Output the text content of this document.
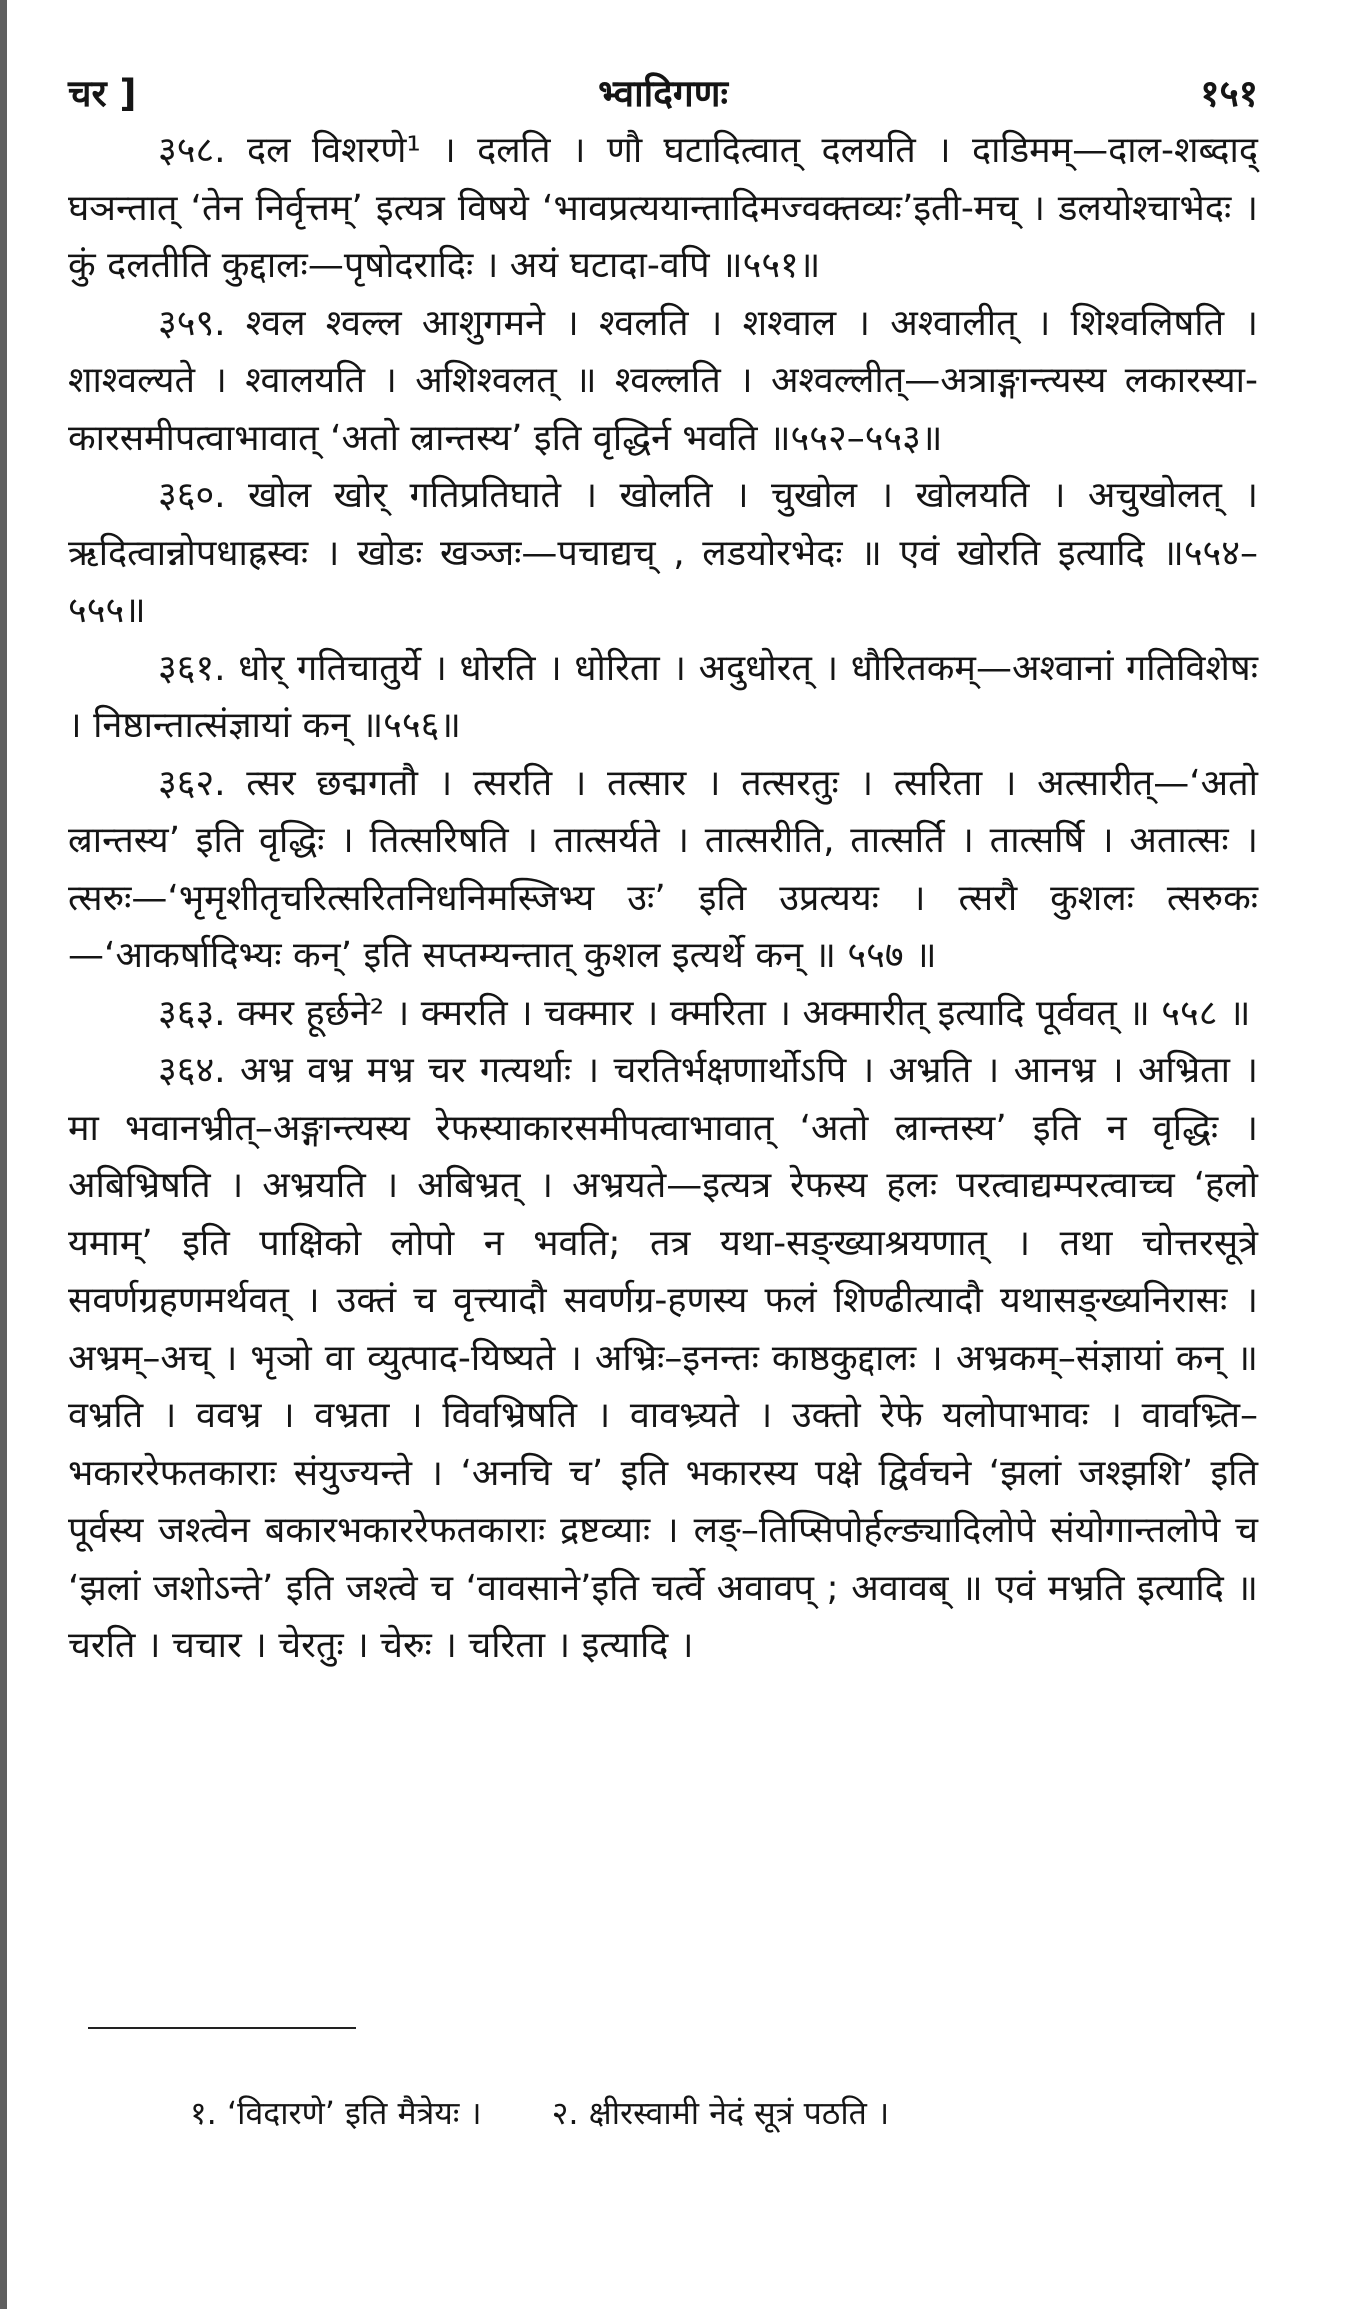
चर ]	भ्वादिगणः	१५१

३५८. दल विशरणे¹ । दलति । णौ घटादित्वात् दलयति । दाडिमम्—दाल-शब्दाद् घञन्तात् ‘तेन निर्वृत्तम्’ इत्यत्र विषये ‘भावप्रत्ययान्तादिमज्वक्तव्यः’इती-मच् । डलयोश्चाभेदः । कुं दलतीति कुद्दालः—पृषोदरादिः । अयं घटादा-वपि ॥५५१॥

३५९. श्वल श्वल्ल आशुगमने । श्वलति । शश्वाल । अश्वालीत् । शिश्वलिषति । शाश्वल्यते । श्वालयति । अशिश्वलत् ॥ श्वल्लति । अश्वल्लीत्—अत्राङ्गान्त्यस्य लकारस्या-कारसमीपत्वाभावात् ‘अतो ल्रान्तस्य’ इति वृद्धिर्न भवति ॥५५२–५५३॥

३६०. खोल खोर् गतिप्रतिघाते । खोलति । चुखोल । खोलयति । अचुखोलत् । ऋदित्वान्नोपधाह्रस्वः । खोडः खञ्जः—पचाद्यच् , लडयोरभेदः ॥ एवं खोरति इत्यादि ॥५५४–५५५॥

३६१. धोर् गतिचातुर्ये । धोरति । धोरिता । अदुधोरत् । धौरितकम्—अश्वानां गतिविशेषः । निष्ठान्तात्संज्ञायां कन् ॥५५६॥

३६२. त्सर छद्मगतौ । त्सरति । तत्सार । तत्सरतुः । त्सरिता । अत्सारीत्—‘अतो ल्रान्तस्य’ इति वृद्धिः । तित्सरिषति । तात्सर्यते । तात्सरीति, तात्सर्ति । तात्सर्षि । अतात्सः । त्सरुः—‘भृमृशीतृचरित्सरितनिधनिमस्जिभ्य उः’ इति उप्रत्ययः । त्सरौ कुशलः त्सरुकः—‘आकर्षादिभ्यः कन्’ इति सप्तम्यन्तात् कुशल इत्यर्थे कन् ॥ ५५७ ॥

३६३. क्मर हूर्छने² । क्मरति । चक्मार । क्मरिता । अक्मारीत् इत्यादि पूर्ववत् ॥ ५५८ ॥

३६४. अभ्र वभ्र मभ्र चर गत्यर्थाः । चरतिर्भक्षणार्थोऽपि । अभ्रति । आनभ्र । अभ्रिता । मा भवानभ्रीत्–अङ्गान्त्यस्य रेफस्याकारसमीपत्वाभावात् ‘अतो ल्रान्तस्य’ इति न वृद्धिः । अबिभ्रिषति । अभ्रयति । अबिभ्रत् । अभ्रयते—इत्यत्र रेफस्य हलः परत्वाद्यम्परत्वाच्च ‘हलो यमाम्’ इति पाक्षिको लोपो न भवति; तत्र यथा-सङ्ख्याश्रयणात् । तथा चोत्तरसूत्रे सवर्णग्रहणमर्थवत् । उक्तं च वृत्त्यादौ सवर्णग्र-हणस्य फलं शिण्ढीत्यादौ यथासङ्ख्यनिरासः । अभ्रम्–अच् । भृञो वा व्युत्पाद-यिष्यते । अभ्रिः–इनन्तः काष्ठकुद्दालः । अभ्रकम्–संज्ञायां कन् ॥ वभ्रति । ववभ्र । वभ्रता । विवभ्रिषति । वावभ्र्यते । उक्तो रेफे यलोपाभावः । वावभ्र्ति–भकाररेफतकाराः संयुज्यन्ते । ‘अनचि च’ इति भकारस्य पक्षे द्विर्वचने ‘झलां जश्झशि’ इति पूर्वस्य जश्त्वेन बकारभकाररेफतकाराः द्रष्टव्याः । लङ्–तिप्सिपोर्हल्ङ्यादिलोपे संयोगान्तलोपे च ‘झलां जशोऽन्ते’ इति जश्त्वे च ‘वावसाने’इति चर्त्वे अवावप् ; अवावब् ॥ एवं मभ्रति इत्यादि ॥ चरति । चचार । चेरतुः । चेरुः । चरिता । इत्यादि ।

१. ‘विदारणे’ इति मैत्रेयः । २. क्षीरस्वामी नेदं सूत्रं पठति ।
